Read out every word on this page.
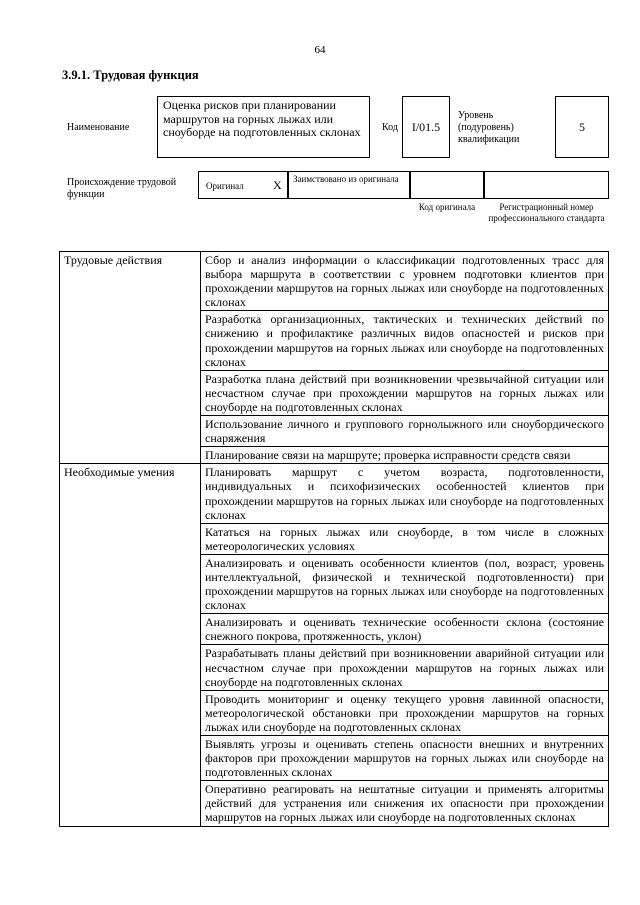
64
3.9.1. Трудовая функция
Наименование
Оценка рисков при планировании маршрутов на горных лыжах или сноуборде на подготовленных склонах	Код I/01.5
Уровень (подуровень) квалификации
5
Происхождение трудовой функции
Оригинал X Заимствовано из оригинала
Код оригинала	Регистрационный номер профессионального стандарта
Трудовые действия	Сбор и анализ информации о классификации подготовленных трасс для выбора маршрута в соответствии с уровнем подготовки клиентов при прохождении маршрутов на горных лыжах или сноуборде на подготовленных склонах
	Разработка организационных, тактических и технических действий по снижению и профилактике различных видов опасностей и рисков при прохождении маршрутов на горных лыжах или сноуборде на подготовленных склонах
	Разработка плана действий при возникновении чрезвычайной ситуации или несчастном случае при прохождении маршрутов на горных лыжах или сноуборде на подготовленных склонах
	Использование личного и группового горнолыжного или сноубордического снаряжения
	Планирование связи на маршруте; проверка исправности средств связи
Необходимые умения	Планировать маршрут с учетом возраста, подготовленности, индивидуальных и психофизических особенностей клиентов при прохождении маршрутов на горных лыжах или сноуборде на подготовленных склонах
	Кататься на горных лыжах или сноуборде, в том числе в сложных метеорологических условиях
	Анализировать и оценивать особенности клиентов (пол, возраст, уровень интеллектуальной, физической и технической подготовленности) при прохождении маршрутов на горных лыжах или сноуборде на подготовленных склонах
	Анализировать и оценивать технические особенности склона (состояние снежного покрова, протяженность, уклон)
	Разрабатывать планы действий при возникновении аварийной ситуации или несчастном случае при прохождении маршрутов на горных лыжах или сноуборде на подготовленных склонах
	Проводить мониторинг и оценку текущего уровня лавинной опасности, метеорологической обстановки при прохождении маршрутов на горных лыжах или сноуборде на подготовленных склонах
	Выявлять угрозы и оценивать степень опасности внешних и внутренних факторов при прохождении маршрутов на горных лыжах или сноуборде на подготовленных склонах
	Оперативно реагировать на нештатные ситуации и применять алгоритмы действий для устранения или снижения их опасности при прохождении маршрутов на горных лыжах или сноуборде на подготовленных склонах
